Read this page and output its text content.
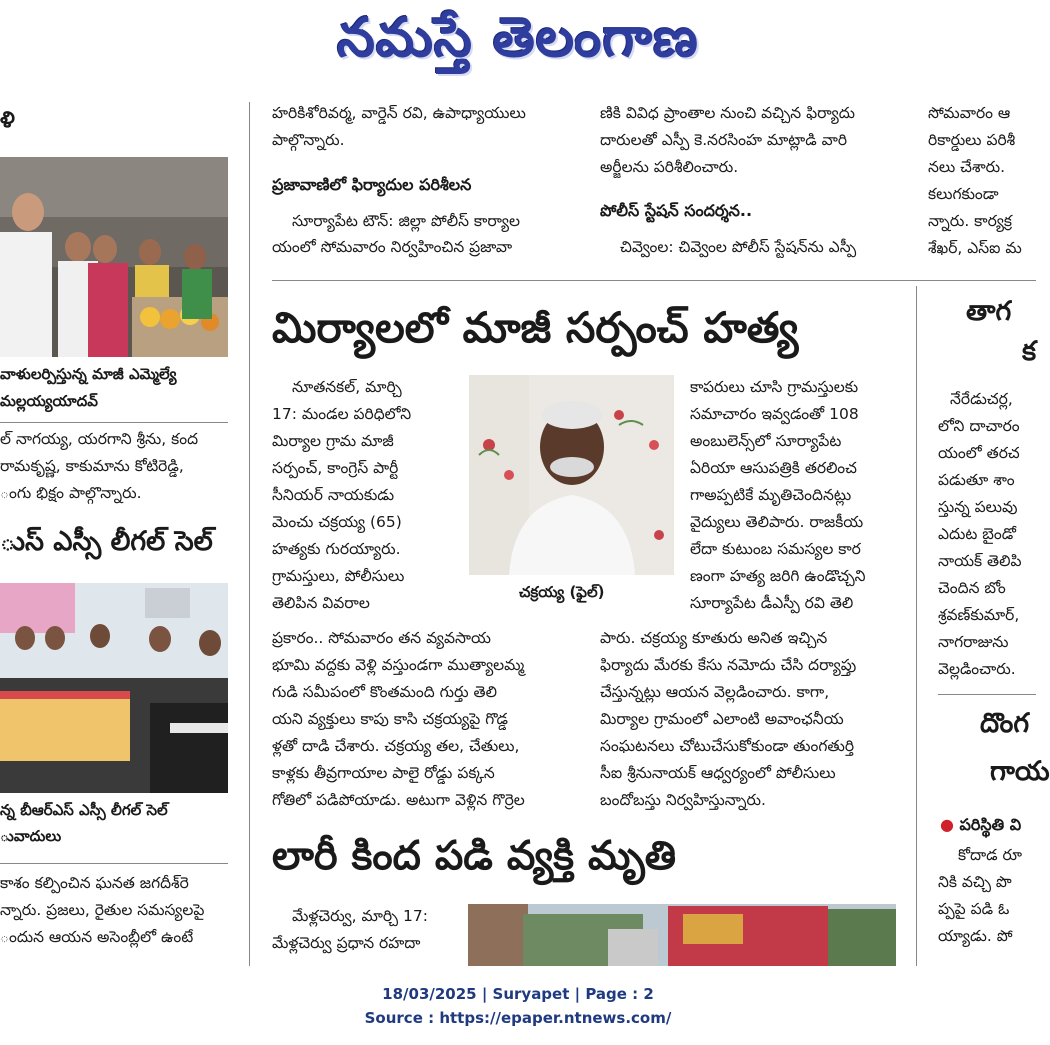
నమస్తే తెలంగాణ
ళి
వాళులర్పిస్తున్న మాజీ ఎమ్మెల్యే
మల్లయ్యయాదవ్
ల్ నాగయ్య, యరగాని శ్రీను, కంద
రామకృష్ణ, కాకుమాను కోటిరెడ్డి,
ంగు భిక్షం పాల్గొన్నారు.
ుస్ ఎస్సీ లీగల్ సెల్
న్న బీఆర్ఎస్ ఎస్సీ లీగల్ సెల్
ువాదులు
కాశం కల్పించిన ఘనత జగదీశ్‌రె
న్నారు. ప్రజలు, రైతుల సమస్యలపై
ందున ఆయన అసెంబ్లీలో ఉంటే
హరికిశోరివర్మ, వార్డెన్ రవి, ఉపాధ్యాయులు
పాల్గొన్నారు.
ప్రజావాణిలో ఫిర్యాదుల పరిశీలన
సూర్యాపేట టౌన్: జిల్లా పోలీస్ కార్యాల
యంలో సోమవారం నిర్వహించిన ప్రజావా
ణికి వివిధ ప్రాంతాల నుంచి వచ్చిన ఫిర్యాదు
దారులతో ఎస్పీ కె.నరసింహ మాట్లాడి వారి
అర్జీలను పరిశీలించారు.
పోలీస్ స్టేషన్ సందర్శన..
చివ్వెంల: చివ్వెంల పోలీస్ స్టేషన్‌ను ఎస్పీ
సోమవారం ఆ
రికార్డులు పరిశీ
నలు చేశారు.
కలుగకుండా
న్నారు. కార్యక్ర
శేఖర్, ఎస్ఐ మ
మిర్యాలలో మాజీ సర్పంచ్ హత్య
నూతనకల్, మార్చి
17: మండల పరిధిలోని
మిర్యాల గ్రామ మాజీ
సర్పంచ్, కాంగ్రెస్ పార్టీ
సీనియర్ నాయకుడు
మెంచు చక్రయ్య (65)
హత్యకు గురయ్యారు.
గ్రామస్తులు, పోలీసులు
తెలిపిన వివరాల
చక్రయ్య (ఫైల్)
ప్రకారం.. సోమవారం తన వ్యవసాయ
భూమి వద్దకు వెళ్లి వస్తుండగా ముత్యాలమ్మ
గుడి సమీపంలో కొంతమంది గుర్తు తెలి
యని వ్యక్తులు కాపు కాసి చక్రయ్యపై గొడ్డ
ళ్లతో దాడి చేశారు. చక్రయ్య తల, చేతులు,
కాళ్లకు తీవ్రగాయాల పాలై రోడ్డు పక్కన
గోతిలో పడిపోయాడు. అటుగా వెళ్లిన గొర్రెల
కాపరులు చూసి గ్రామస్తులకు
సమాచారం ఇవ్వడంతో 108
అంబులెన్స్‌లో సూర్యాపేట
ఏరియా ఆసుపత్రికి తరలించ
గాఅప్పటికే మృతిచెందినట్లు
వైద్యులు తెలిపారు. రాజకీయ
లేదా కుటుంబ సమస్యల కార
ణంగా హత్య జరిగి ఉండొచ్చని
సూర్యాపేట డీఎస్పీ రవి తెలి
పారు. చక్రయ్య కూతురు అనిత ఇచ్చిన
ఫిర్యాదు మేరకు కేసు నమోదు చేసి దర్యాప్తు
చేస్తున్నట్లు ఆయన వెల్లడించారు. కాగా,
మిర్యాల గ్రామంలో ఎలాంటి అవాంఛనీయ
సంఘటనలు చోటుచేసుకోకుండా తుంగతుర్తి
సీఐ శ్రీనునాయక్ ఆధ్వర్యంలో పోలీసులు
బందోబస్తు నిర్వహిస్తున్నారు.
లారీ కింద పడి వ్యక్తి మృతి
మేళ్లచెర్వు, మార్చి 17:
మేళ్లచెర్వు ప్రధాన రహదా
తాగ
క
నేరేడుచర్ల,
లోని దాచారం
యంలో తరచ
పడుతూ శాం
స్తున్న పలువు
ఎదుట బైండో
నాయక్ తెలిపి
చెందిన బోం
శ్రవణ్‌కుమార్,
నాగరాజును
వెల్లడించారు.
దొంగ
గాయ
● పరిస్థితి వి
కోదాడ రూ
నికి వచ్చి పొ
ప్పపై పడి ఓ
య్యాడు. పో
18/03/2025 | Suryapet | Page : 2
Source : https://epaper.ntnews.com/
